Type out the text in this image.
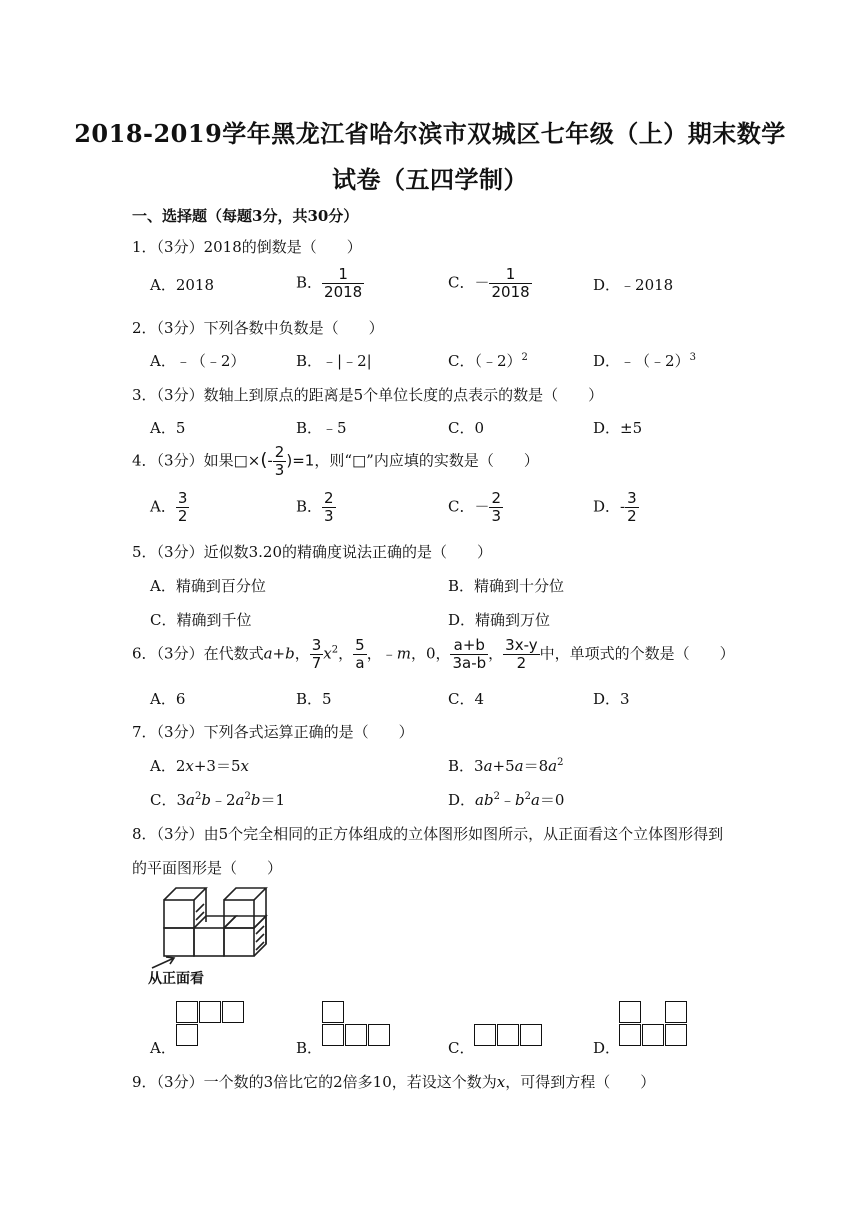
2018-2019学年黑龙江省哈尔滨市双城区七年级（上）期末数学
试卷（五四学制）
一、选择题（每题3分，共30分）
1．（3分）2018的倒数是（　　）
A．2018	B． $\frac{1}{2018}$	C．－ $\frac{1}{2018}$	D．﹣2018
2．（3分）下列各数中负数是（　　）
A．﹣（﹣2）	B．﹣|﹣2|	C．（﹣2）$^2$	D．﹣（﹣2）$^3$
3．（3分）数轴上到原点的距离是5个单位长度的点表示的数是（　　）
A．5	B．﹣5	C．0	D．±5
4．（3分）如果□×(- $\frac{2}{3} )=1$，则“□”内应填的实数是（　　）
A． $\frac{3}{2}$	B． $\frac{2}{3}$	C．－ $\frac{2}{3}$	D．- $\frac{3}{2}$
5．（3分）近似数3.20的精确度说法正确的是（　　）
A．精确到百分位	B．精确到十分位
C．精确到千位	D．精确到万位
6．（3分）在代数式a+b， $\frac{3}{7} x^2$， $\frac{5}{a}$ ，﹣m，0， $\frac{a+b}{3a-b}$ ， $\frac{3x-y}{2}$ 中，单项式的个数是（　　）
A．6	B．5	C．4	D．3
7．（3分）下列各式运算正确的是（　　）
A．2x+3＝5x	B．$3a+5a=8a^2$
C．$3a^2b﹣2a^2b=1$	D．$ab^2﹣b^2a=0$
8．（3分）由5个完全相同的正方体组成的立体图形如图所示，从正面看这个立体图形得到
的平面图形是（　　）
从正面看
A．	B．	C．	D．
9．（3分）一个数的3倍比它的2倍多10，若设这个数为x，可得到方程（　　）
